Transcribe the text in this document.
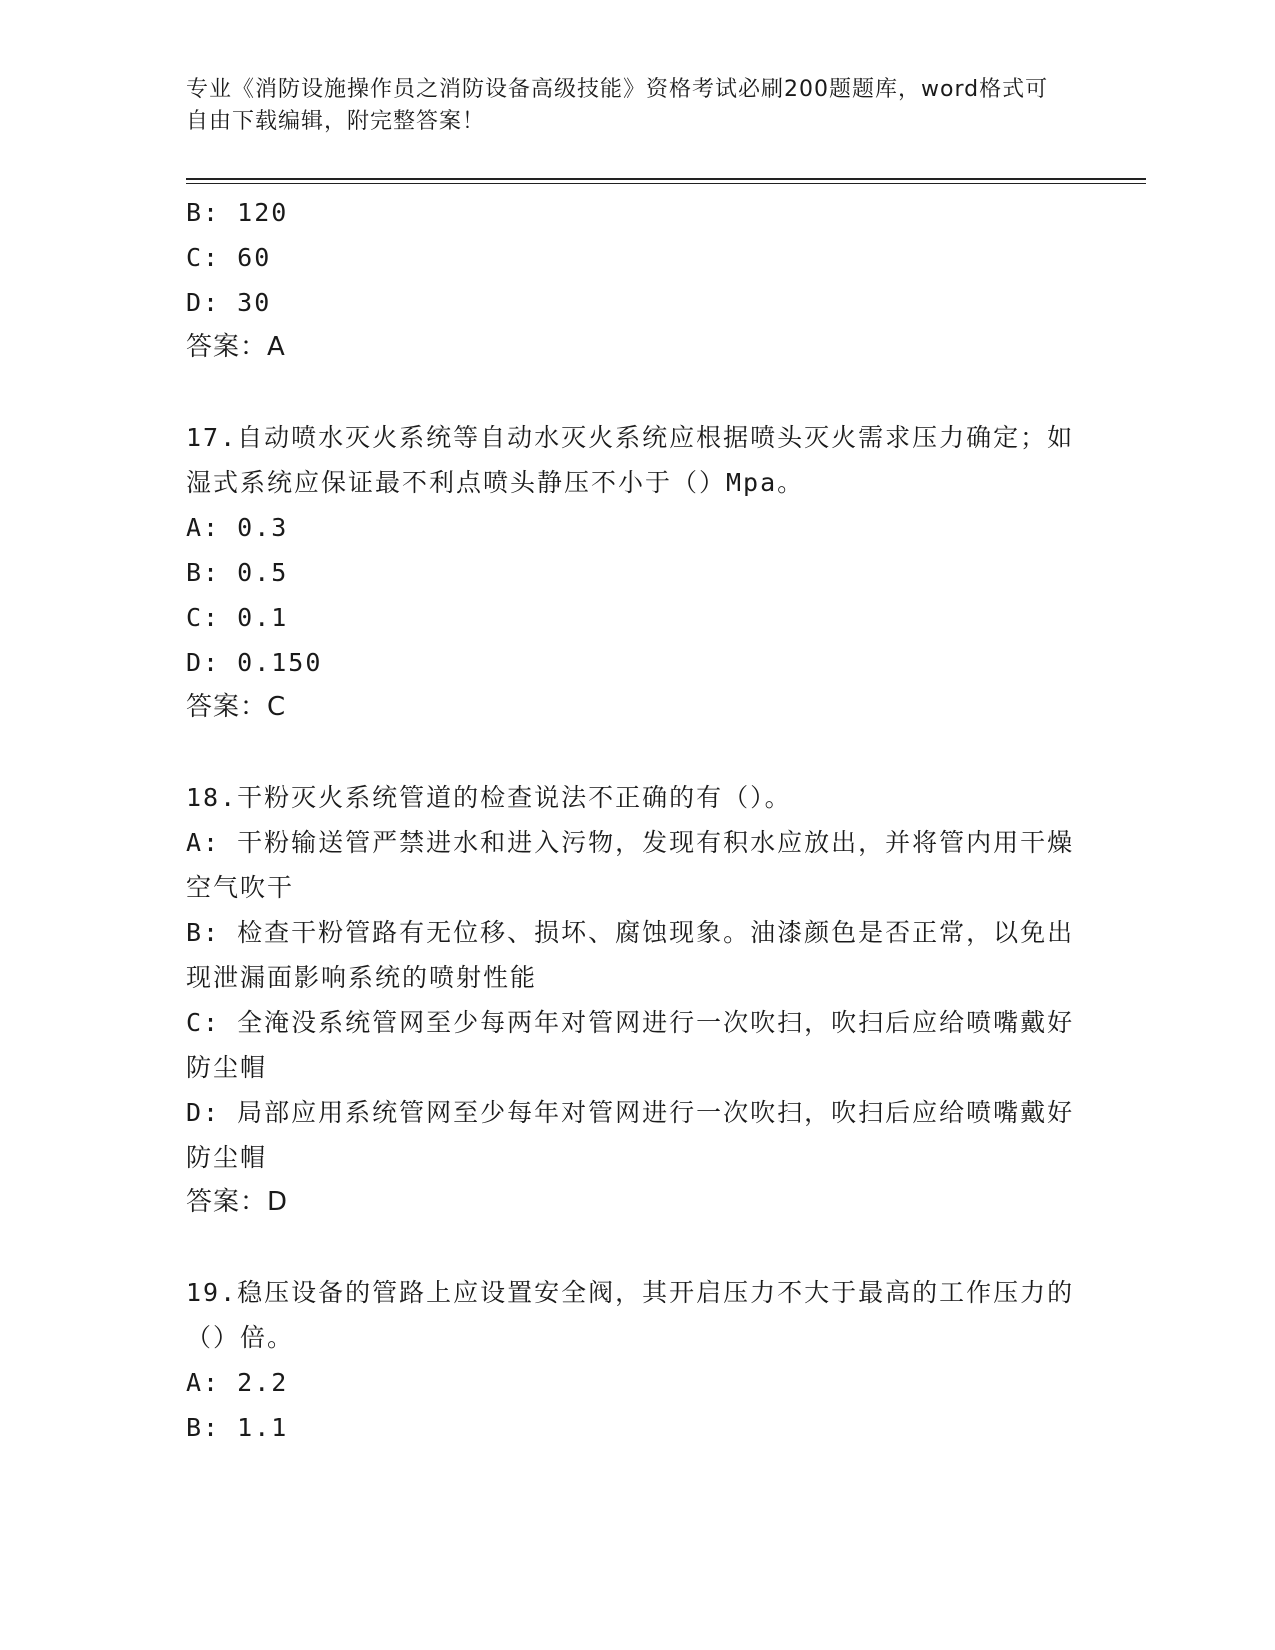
专业《消防设施操作员之消防设备高级技能》资格考试必刷200题题库，word格式可自由下载编辑，附完整答案！
B: 120
C: 60
D: 30
答案：A
17.自动喷水灭火系统等自动水灭火系统应根据喷头灭火需求压力确定；如湿式系统应保证最不利点喷头静压不小于（）Mpa。
A: 0.3
B: 0.5
C: 0.1
D: 0.150
答案：C
18.干粉灭火系统管道的检查说法不正确的有（）。
A: 干粉输送管严禁进水和进入污物，发现有积水应放出，并将管内用干燥空气吹干
B: 检查干粉管路有无位移、损坏、腐蚀现象。油漆颜色是否正常，以免出现泄漏面影响系统的喷射性能
C: 全淹没系统管网至少每两年对管网进行一次吹扫，吹扫后应给喷嘴戴好防尘帽
D: 局部应用系统管网至少每年对管网进行一次吹扫，吹扫后应给喷嘴戴好防尘帽
答案：D
19.稳压设备的管路上应设置安全阀，其开启压力不大于最高的工作压力的（）倍。
A: 2.2
B: 1.1
